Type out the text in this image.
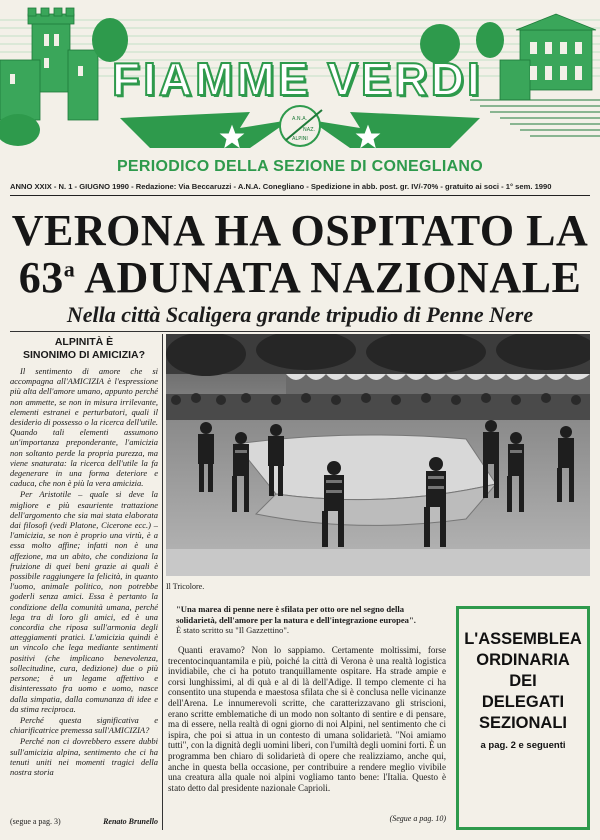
A.N.A.
NAZ.
ALPINI
FIAMME VERDI
PERIODICO DELLA SEZIONE DI CONEGLIANO
ANNO XXIX - N. 1 - GIUGNO 1990 - Redazione: Via Beccaruzzi - A.N.A. Conegliano - Spedizione in abb. post. gr. IV/-70% - gratuito ai soci - 1° sem. 1990
VERONA HA OSPITATO LA
63$^a$ ADUNATA NAZIONALE
Nella città Scaligera grande tripudio di Penne Nere
ALPINITÀ È
SINONIMO DI AMICIZIA?

Il sentimento di amore che si accompagna all'AMICIZIA è l'espressione più alta dell'amore umano, appunto perché non ammette, se non in misura irrilevante, elementi estranei e perturbatori, quali il desiderio di possesso o la ricerca dell'utile. Quando tali elementi assumono un'importanza preponderante, l'amicizia non soltanto perde la propria purezza, ma viene snaturata: la ricerca dell'utile la fa degenerare in una forma deteriore e caduca, che non è più la vera amicizia.

Per Aristotile – quale si deve la migliore e più esauriente trattazione dell'argomento che sia mai stata elaborata dai filosofi (vedi Platone, Cicerone ecc.) – l'amicizia, se non è proprio una virtù, è a essa molto affine; infatti non è una affezione, ma un abito, che condiziona la fruizione di quei beni grazie ai quali è possibile raggiungere la felicità, in quanto l'uomo, animale politico, non potrebbe goderli senza amici. Essa è pertanto la condizione della comunità umana, perché lega tra di loro gli amici, ed è una concordia che riposa sull'armonia degli atteggiamenti pratici. L'amicizia quindi è un vincolo che lega mediante sentimenti positivi (che implicano benevolenza, sollecitudine, cura, dedizione) due o più persone; è un legame affettivo e disinteressato fra uomo e uomo, nasce dalla simpatia, dalla comunanza di idee e da stima reciproca.

Perché questa significativa e chiarificatrice premessa sull'AMICIZIA?

Perché non ci dovrebbero essere dubbi sull'amicizia alpina, sentimento che ci ha tenuti uniti nei momenti tragici della nostra storia

(segue a pag. 3)	Renato Brunello
Il Tricolore.
"Una marea di penne nere è sfilata per otto ore nel segno della solidarietà, dell'amore per la natura e dell'integrazione europea".
È stato scritto su "Il Gazzettino".

Quanti eravamo? Non lo sappiamo. Certamente moltissimi, forse trecentocinquantamila e più, poiché la città di Verona è una realtà logistica invidiabile, che ci ha potuto tranquillamente ospitare. Ha strade ampie e corsi lunghissimi, al di quà e al di là dell'Adige. Il tempo clemente ci ha consentito una stupenda e maestosa sfilata che si è conclusa nelle vicinanze dell'Arena. Le innumerevoli scritte, che caratterizzavano gli striscioni, erano scritte emblematiche di un modo non soltanto di sentire e di pensare, ma di essere, nella realtà di ogni giorno di noi Alpini, nel sentimento che ci ispira, che poi si attua in un contesto di umana solidarietà. "Noi amiamo tutti", con la dignità degli uomini liberi, con l'umiltà degli uomini forti. È un programma ben chiaro di solidarietà di opere che realizziamo, anche qui, anche in questa bella occasione, per contribuire a rendere meglio vivibile una creatura alla quale noi alpini vogliamo tanto bene: l'Italia. Questo è stato detto dal presidente nazionale Caprioli.

(Segue a pag. 10)
L'ASSEMBLEA
ORDINARIA
DEI
DELEGATI
SEZIONALI
a pag. 2 e seguenti
